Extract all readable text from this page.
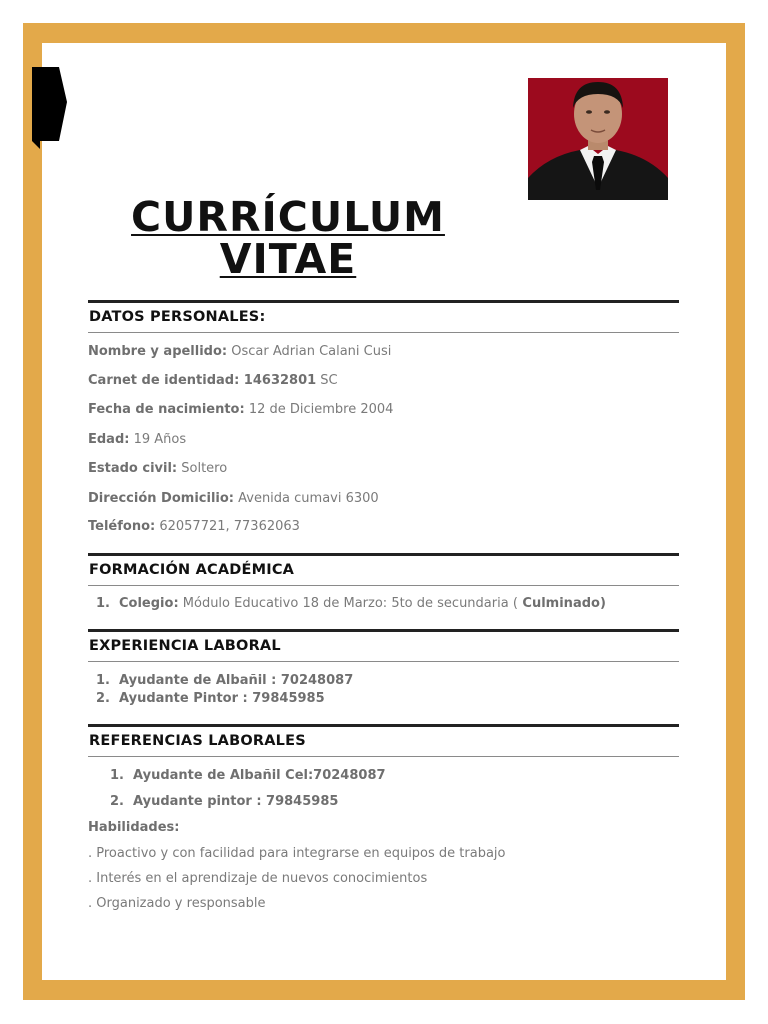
CURRÍCULUM
VITAE
DATOS PERSONALES:
Nombre y apellido: Oscar Adrian Calani Cusi
Carnet de identidad: 14632801 SC
Fecha de nacimiento: 12 de Diciembre 2004
Edad: 19 Años
Estado civil: Soltero
Dirección Domicilio: Avenida cumavi 6300
Teléfono: 62057721, 77362063
FORMACIÓN ACADÉMICA
1. Colegio: Módulo Educativo 18 de Marzo: 5to de secundaria ( Culminado)
EXPERIENCIA LABORAL
1. Ayudante de Albañil : 70248087
2. Ayudante Pintor : 79845985
REFERENCIAS LABORALES
1. Ayudante de Albañil Cel:70248087
2. Ayudante pintor : 79845985
Habilidades:
. Proactivo y con facilidad para integrarse en equipos de trabajo
. Interés en el aprendizaje de nuevos conocimientos
. Organizado y responsable
